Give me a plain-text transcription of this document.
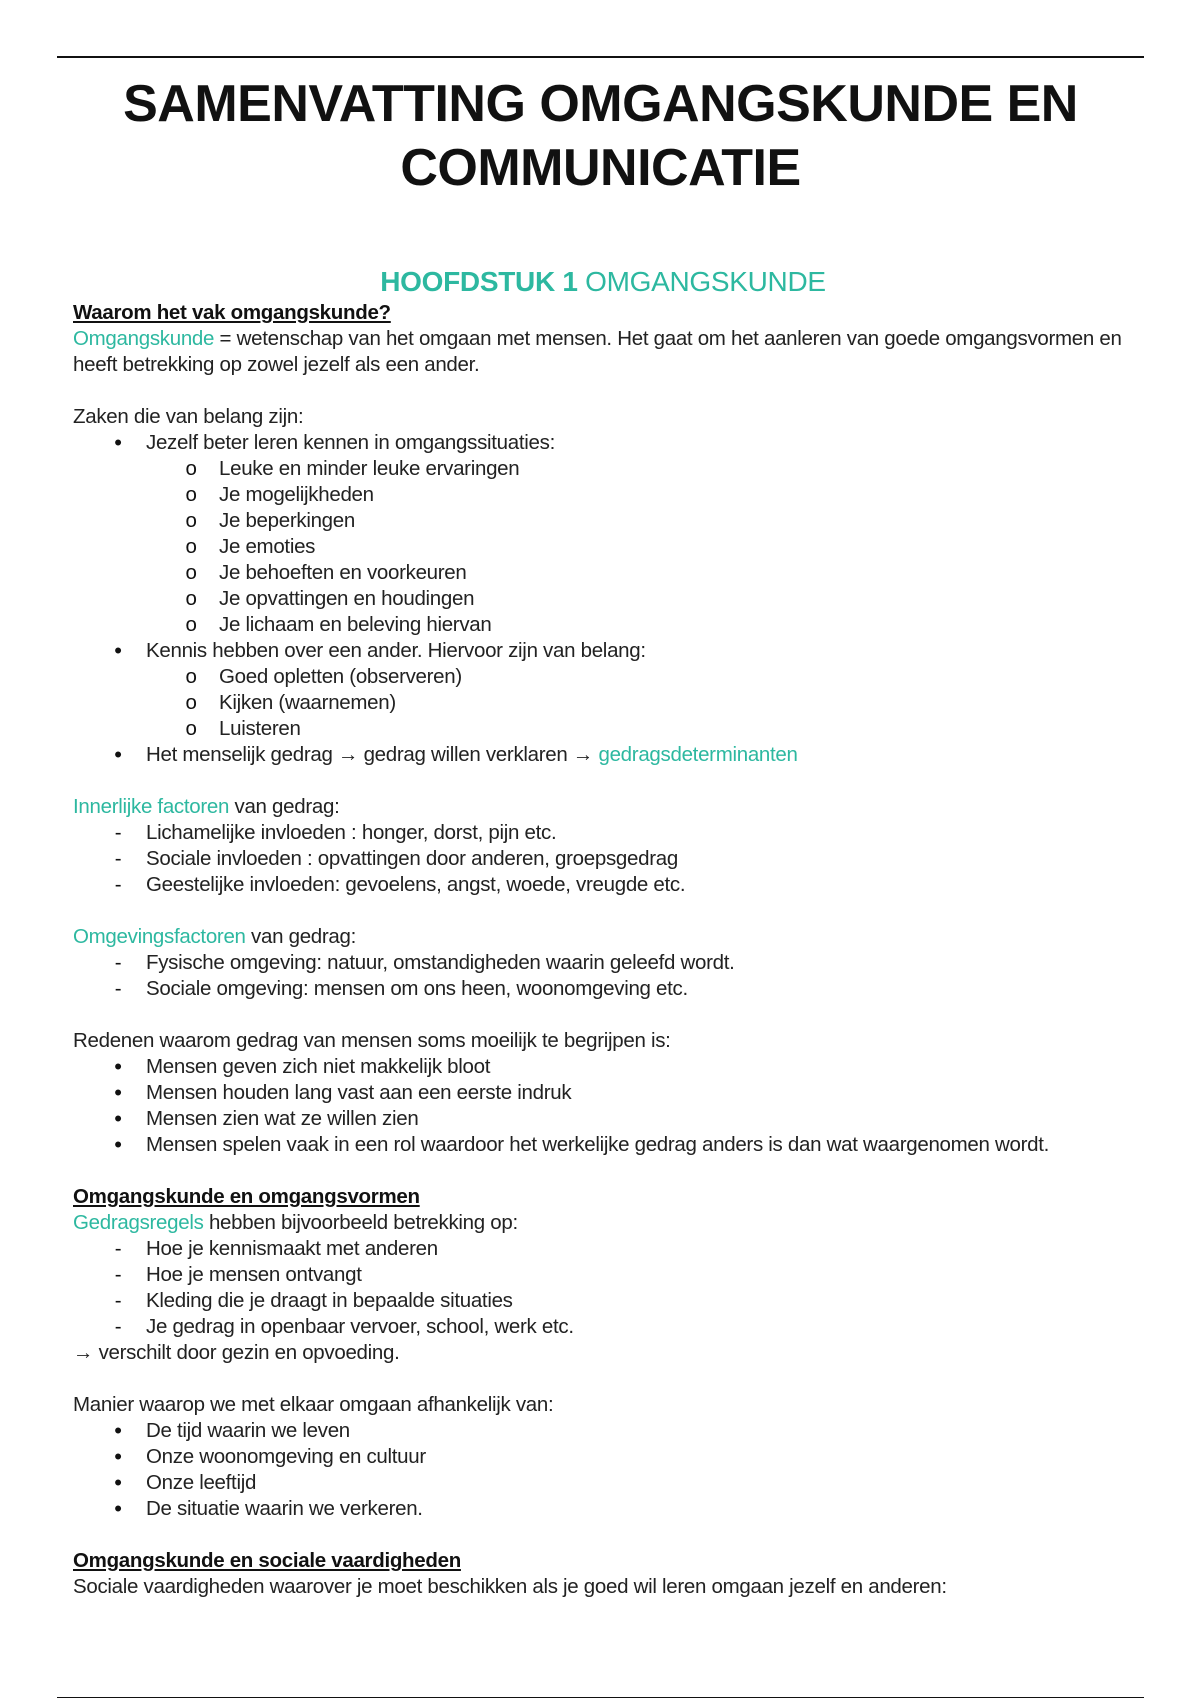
SAMENVATTING OMGANGSKUNDE EN
COMMUNICATIE

HOOFDSTUK 1 OMGANGSKUNDE

Waarom het vak omgangskunde?

Omgangskunde = wetenschap van het omgaan met mensen. Het gaat om het aanleren van goede omgangsvormen en heeft betrekking op zowel jezelf als een ander.

Zaken die van belang zijn:

•
Jezelf beter leren kennen in omgangssituaties:
o
Leuke en minder leuke ervaringen
o
Je mogelijkheden
o
Je beperkingen
o
Je emoties
o
Je behoeften en voorkeuren
o
Je opvattingen en houdingen
o
Je lichaam en beleving hiervan
•
Kennis hebben over een ander. Hiervoor zijn van belang:
o
Goed opletten (observeren)
o
Kijken (waarnemen)
o
Luisteren
•
Het menselijk gedrag → gedrag willen verklaren → gedragsdeterminanten

Innerlijke factoren van gedrag:

-
Lichamelijke invloeden : honger, dorst, pijn etc.
-
Sociale invloeden : opvattingen door anderen, groepsgedrag
-
Geestelijke invloeden: gevoelens, angst, woede, vreugde etc.

Omgevingsfactoren van gedrag:

-
Fysische omgeving: natuur, omstandigheden waarin geleefd wordt.
-
Sociale omgeving: mensen om ons heen, woonomgeving etc.

Redenen waarom gedrag van mensen soms moeilijk te begrijpen is:

•
Mensen geven zich niet makkelijk bloot
•
Mensen houden lang vast aan een eerste indruk
•
Mensen zien wat ze willen zien
•
Mensen spelen vaak in een rol waardoor het werkelijke gedrag anders is dan wat waargenomen wordt.

Omgangskunde en omgangsvormen

Gedragsregels hebben bijvoorbeeld betrekking op:

-
Hoe je kennismaakt met anderen
-
Hoe je mensen ontvangt
-
Kleding die je draagt in bepaalde situaties
-
Je gedrag in openbaar vervoer, school, werk etc.

→ verschilt door gezin en opvoeding.

Manier waarop we met elkaar omgaan afhankelijk van:

•
De tijd waarin we leven
•
Onze woonomgeving en cultuur
•
Onze leeftijd
•
De situatie waarin we verkeren.

Omgangskunde en sociale vaardigheden

Sociale vaardigheden waarover je moet beschikken als je goed wil leren omgaan jezelf en anderen:
